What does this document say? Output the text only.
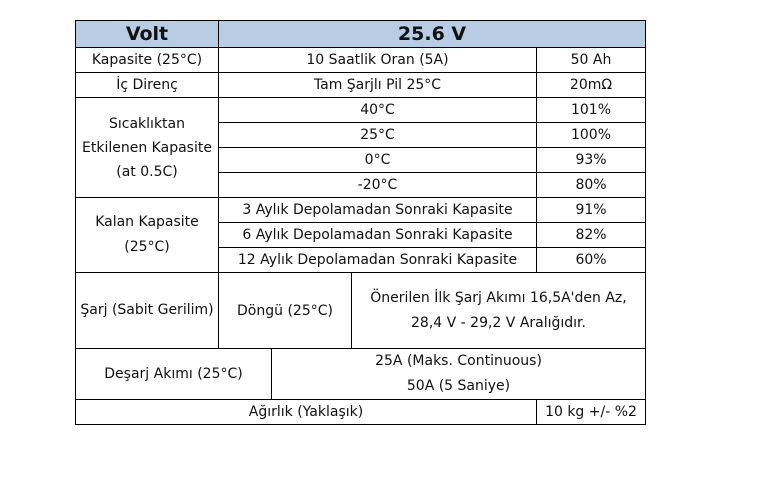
Volt	25.6 V			
Kapasite (25°C)	10 Saatlik Oran (5A)			50 Ah
İç Direnç	Tam Şarjlı Pil 25°C			20mΩ
Sıcaklıktan Etkilenen Kapasite (at 0.5C)	40°C			101%
	25°C			100%
	0°C			93%
	-20°C			80%
Kalan Kapasite (25°C)	3 Aylık Depolamadan Sonraki Kapasite			91%
	6 Aylık Depolamadan Sonraki Kapasite			82%
	12 Aylık Depolamadan Sonraki Kapasite			60%
Şarj (Sabit Gerilim)	Döngü (25°C)		Önerilen İlk Şarj Akımı 16,5A'den Az,
28,4 V - 29,2 V Aralığıdır.	

Deşarj Akımı (25°C)		25A (Maks. Continuous)
50A (5 Saniye)		

Ağırlık (Yaklaşık)				10 kg +/- %2
